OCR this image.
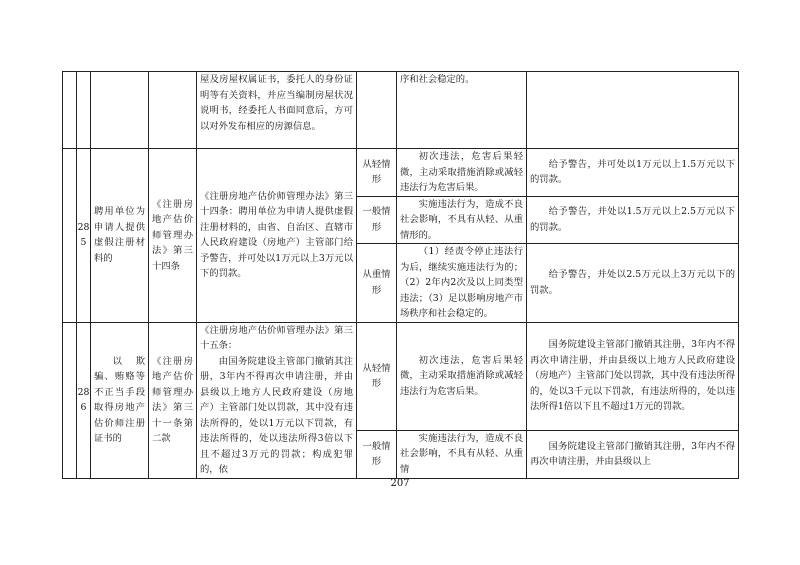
				屋及房屋权属证书，委托人的身份证明等有关资料，并应当编制房屋状况说明书，经委托人书面同意后，方可以对外发布相应的房源信息。		序和社会稳定的。	
	285	聘用单位为申请人提供虚假注册材料的	《注册房地产估价师管理办法》第三十四条	《注册房地产估价师管理办法》第三十四条：聘用单位为申请人提供虚假注册材料的，由省、自治区、直辖市人民政府建设（房地产）主管部门给予警告，并可处以1万元以上3万元以下的罚款。	从轻情形	初次违法，危害后果轻微，主动采取措施消除或减轻违法行为危害后果。	给予警告，并可处以1万元以上1.5万元以下的罚款。

					一般情形	实施违法行为，造成不良社会影响，不具有从轻、从重情形的。	给予警告，并处以1.5万元以上2.5万元以下的罚款。

					从重情形	（1）经责令停止违法行为后，继续实施违法行为的；（2）2年内2次及以上同类型违法；（3）足以影响房地产市场秩序和社会稳定的。	给予警告，并处以2.5万元以上3万元以下的罚款。

	286	以欺骗、贿赂等不正当手段取得房地产估价师注册证书的	《注册房地产估价师管理办法》第三十一条第二款	《注册房地产估价师管理办法》第三十五条：
由国务院建设主管部门撤销其注册，3年内不得再次申请注册，并由县级以上地方人民政府建设（房地产）主管部门处以罚款，其中没有违法所得的，处以1万元以下罚款，有违法所得的，处以违法所得3倍以下且不超过3万元的罚款；构成犯罪的，依	从轻情形	初次违法，危害后果轻微，主动采取措施消除或减轻违法行为危害后果。	国务院建设主管部门撤销其注册，3年内不得再次申请注册，并由县级以上地方人民政府建设（房地产）主管部门处以罚款，其中没有违法所得的，处以3千元以下罚款，有违法所得的，处以违法所得1倍以下且不超过1万元的罚款。

					一般情形	实施违法行为，造成不良社会影响，不具有从轻、从重情	国务院建设主管部门撤销其注册，3年内不得再次申请注册，并由县级以上
207
